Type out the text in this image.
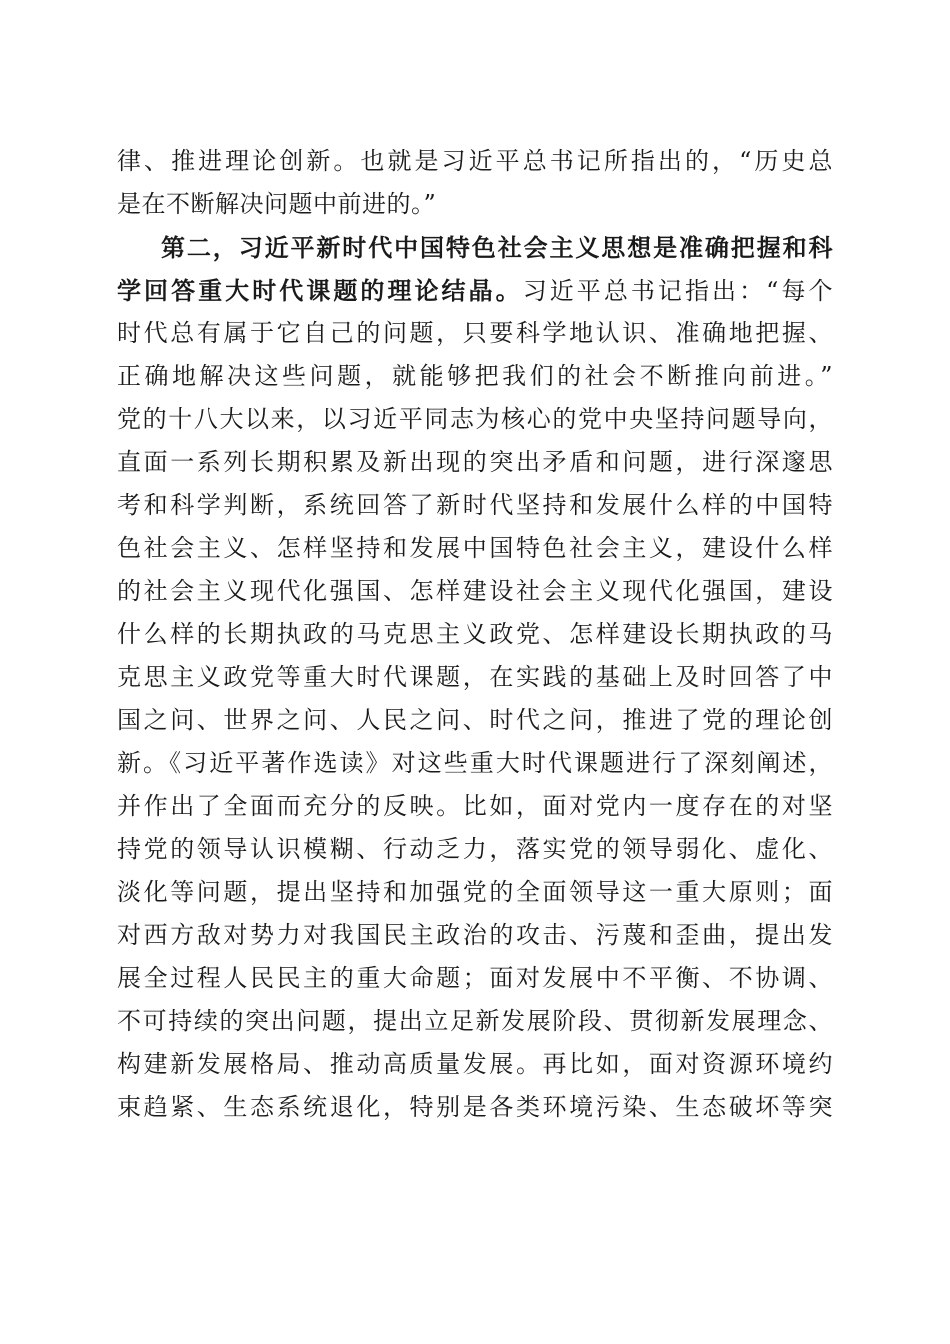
律、推进理论创新。也就是习近平总书记所指出的，“历史总
是在不断解决问题中前进的。”
第二，习近平新时代中国特色社会主义思想是准确把握和科
学回答重大时代课题的理论结晶。习近平总书记指出：“每个
时代总有属于它自己的问题，只要科学地认识、准确地把握、
正确地解决这些问题，就能够把我们的社会不断推向前进。”
党的十八大以来，以习近平同志为核心的党中央坚持问题导向，
直面一系列长期积累及新出现的突出矛盾和问题，进行深邃思
考和科学判断，系统回答了新时代坚持和发展什么样的中国特
色社会主义、怎样坚持和发展中国特色社会主义，建设什么样
的社会主义现代化强国、怎样建设社会主义现代化强国，建设
什么样的长期执政的马克思主义政党、怎样建设长期执政的马
克思主义政党等重大时代课题，在实践的基础上及时回答了中
国之问、世界之问、人民之问、时代之问，推进了党的理论创
新。《习近平著作选读》对这些重大时代课题进行了深刻阐述，
并作出了全面而充分的反映。比如，面对党内一度存在的对坚
持党的领导认识模糊、行动乏力，落实党的领导弱化、虚化、
淡化等问题，提出坚持和加强党的全面领导这一重大原则；面
对西方敌对势力对我国民主政治的攻击、污蔑和歪曲，提出发
展全过程人民民主的重大命题；面对发展中不平衡、不协调、
不可持续的突出问题，提出立足新发展阶段、贯彻新发展理念、
构建新发展格局、推动高质量发展。再比如，面对资源环境约
束趋紧、生态系统退化，特别是各类环境污染、生态破坏等突
